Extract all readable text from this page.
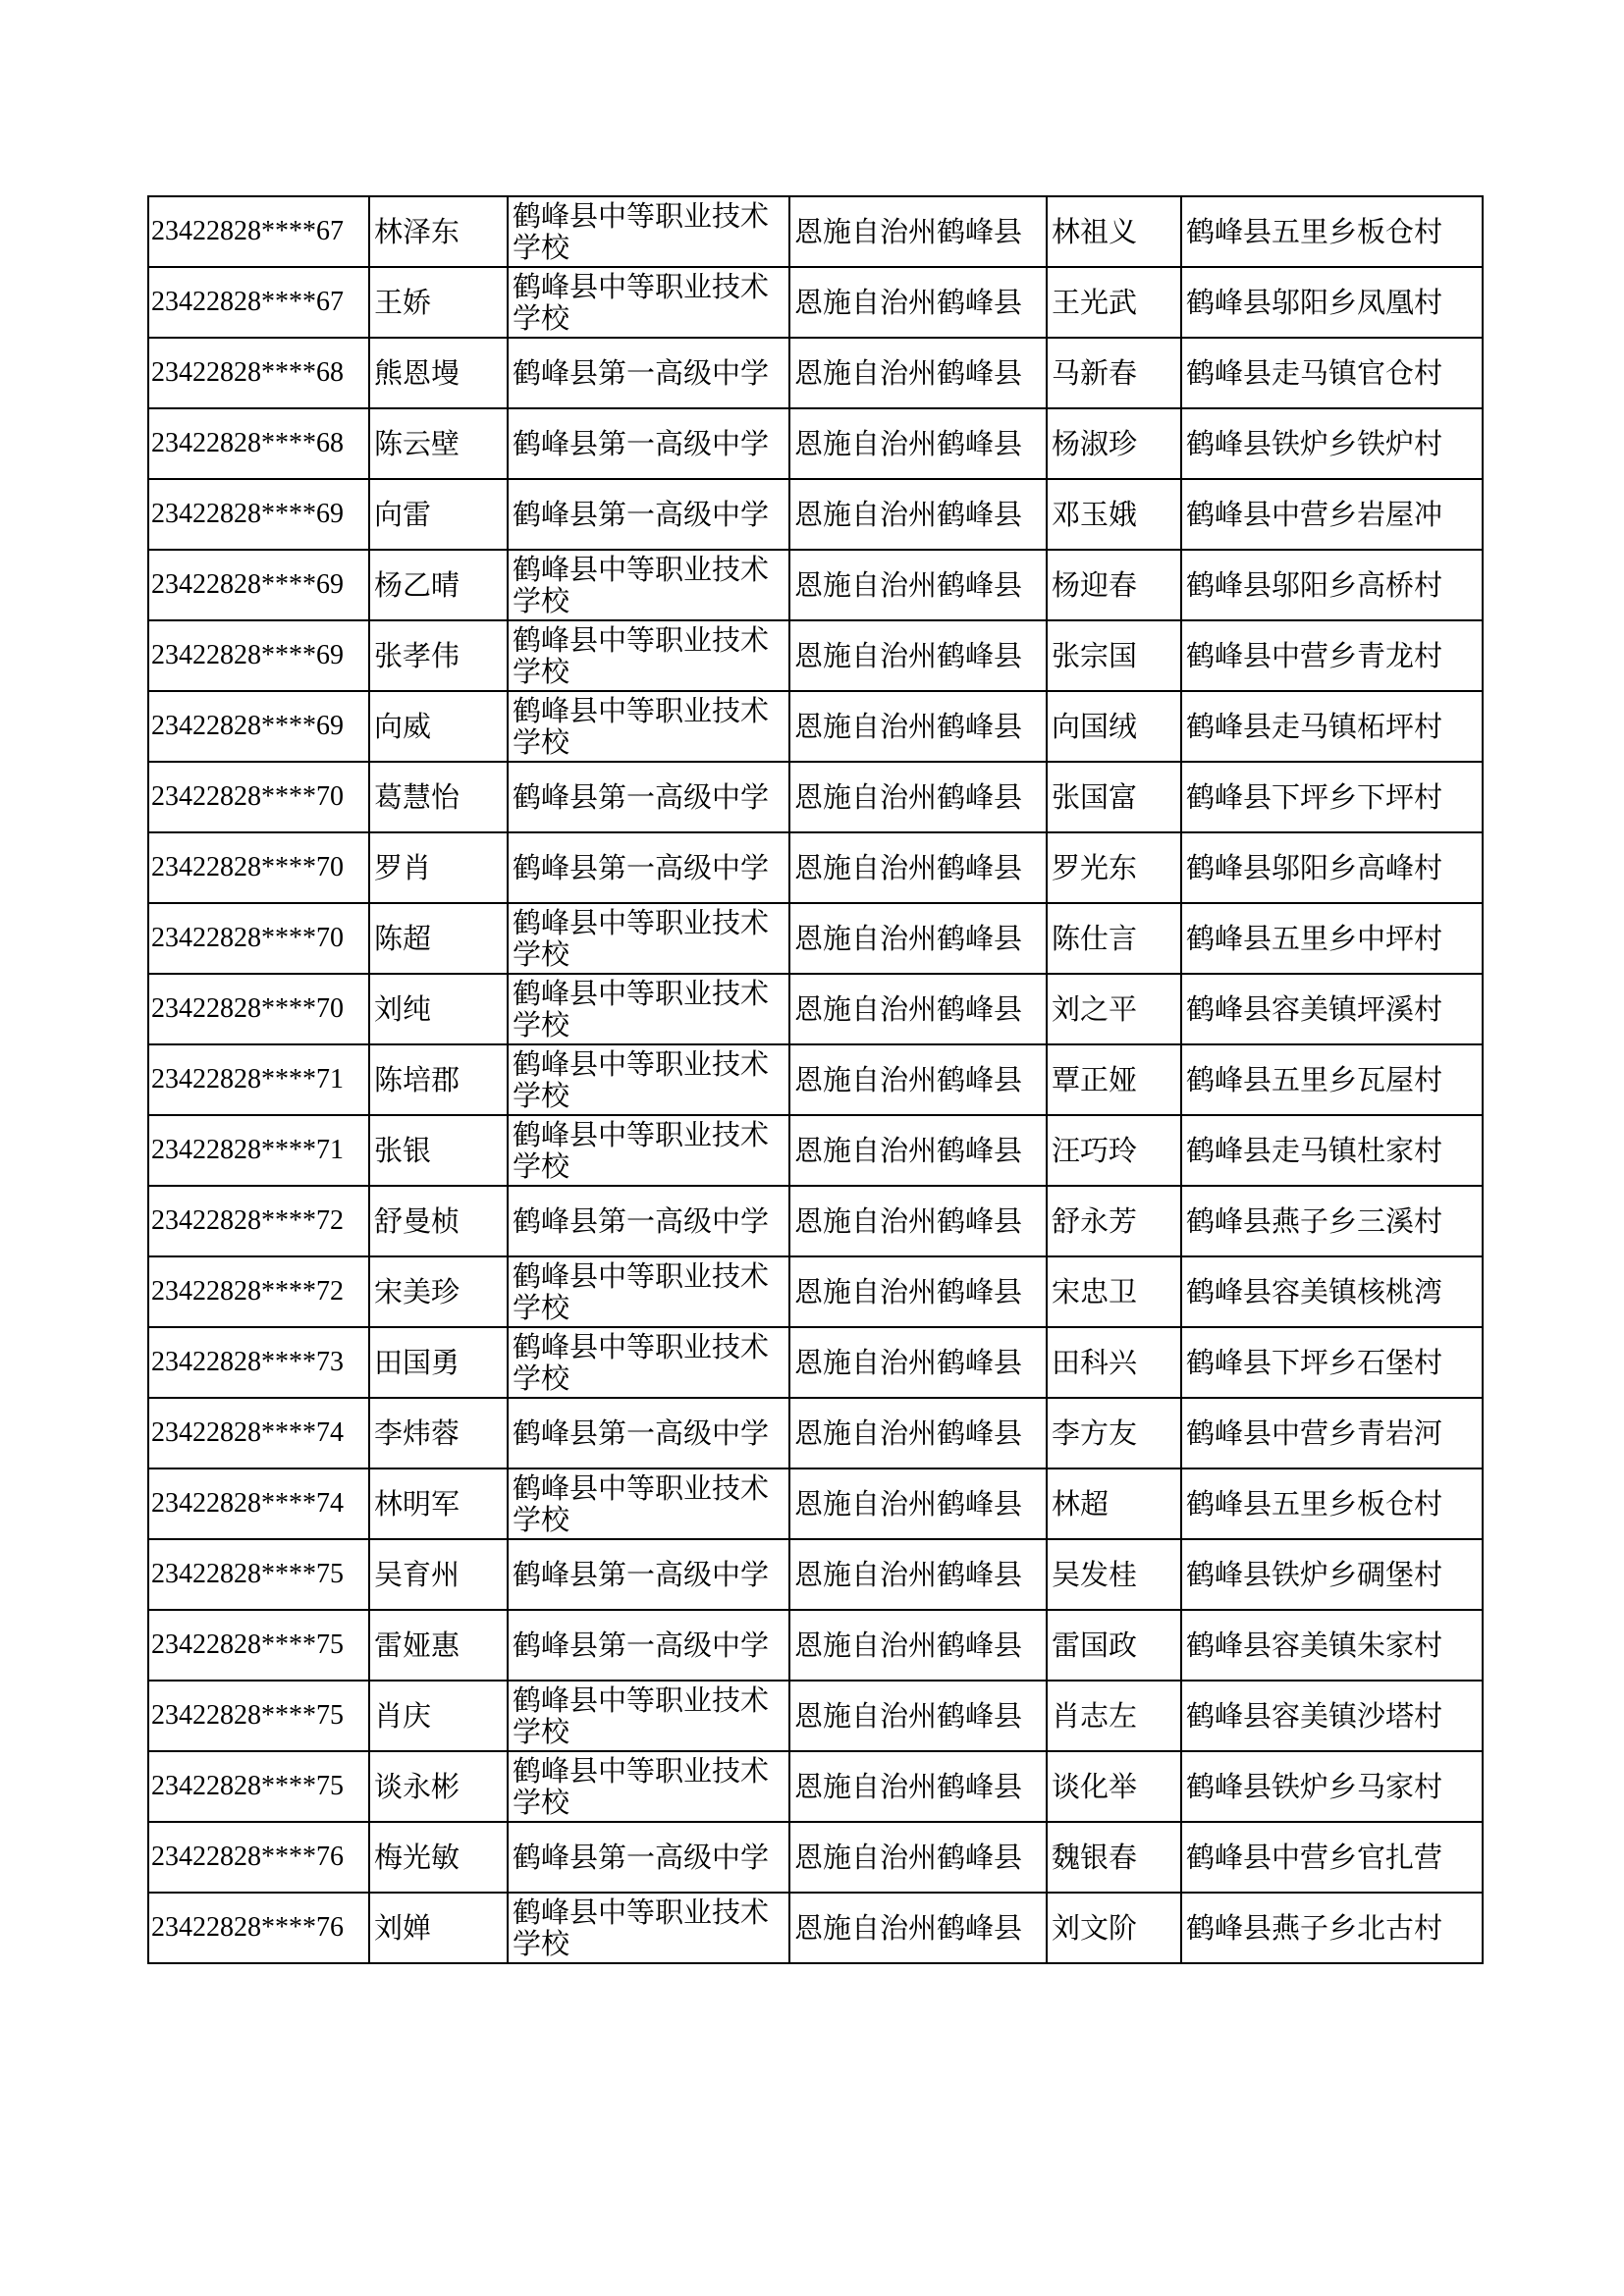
23422828****67	林泽东	鹤峰县中等职业技术学校	恩施自治州鹤峰县	林祖义	鹤峰县五里乡板仓村
23422828****67	王娇	鹤峰县中等职业技术学校	恩施自治州鹤峰县	王光武	鹤峰县邬阳乡凤凰村
23422828****68	熊恩墁	鹤峰县第一高级中学	恩施自治州鹤峰县	马新春	鹤峰县走马镇官仓村
23422828****68	陈云壁	鹤峰县第一高级中学	恩施自治州鹤峰县	杨淑珍	鹤峰县铁炉乡铁炉村
23422828****69	向雷	鹤峰县第一高级中学	恩施自治州鹤峰县	邓玉娥	鹤峰县中营乡岩屋冲
23422828****69	杨乙晴	鹤峰县中等职业技术学校	恩施自治州鹤峰县	杨迎春	鹤峰县邬阳乡高桥村
23422828****69	张孝伟	鹤峰县中等职业技术学校	恩施自治州鹤峰县	张宗国	鹤峰县中营乡青龙村
23422828****69	向威	鹤峰县中等职业技术学校	恩施自治州鹤峰县	向国绒	鹤峰县走马镇柘坪村
23422828****70	葛慧怡	鹤峰县第一高级中学	恩施自治州鹤峰县	张国富	鹤峰县下坪乡下坪村
23422828****70	罗肖	鹤峰县第一高级中学	恩施自治州鹤峰县	罗光东	鹤峰县邬阳乡高峰村
23422828****70	陈超	鹤峰县中等职业技术学校	恩施自治州鹤峰县	陈仕言	鹤峰县五里乡中坪村
23422828****70	刘纯	鹤峰县中等职业技术学校	恩施自治州鹤峰县	刘之平	鹤峰县容美镇坪溪村
23422828****71	陈培郡	鹤峰县中等职业技术学校	恩施自治州鹤峰县	覃正娅	鹤峰县五里乡瓦屋村
23422828****71	张银	鹤峰县中等职业技术学校	恩施自治州鹤峰县	汪巧玲	鹤峰县走马镇杜家村
23422828****72	舒曼桢	鹤峰县第一高级中学	恩施自治州鹤峰县	舒永芳	鹤峰县燕子乡三溪村
23422828****72	宋美珍	鹤峰县中等职业技术学校	恩施自治州鹤峰县	宋忠卫	鹤峰县容美镇核桃湾
23422828****73	田国勇	鹤峰县中等职业技术学校	恩施自治州鹤峰县	田科兴	鹤峰县下坪乡石堡村
23422828****74	李炜蓉	鹤峰县第一高级中学	恩施自治州鹤峰县	李方友	鹤峰县中营乡青岩河
23422828****74	林明军	鹤峰县中等职业技术学校	恩施自治州鹤峰县	林超	鹤峰县五里乡板仓村
23422828****75	吴育州	鹤峰县第一高级中学	恩施自治州鹤峰县	吴发桂	鹤峰县铁炉乡碉堡村
23422828****75	雷娅惠	鹤峰县第一高级中学	恩施自治州鹤峰县	雷国政	鹤峰县容美镇朱家村
23422828****75	肖庆	鹤峰县中等职业技术学校	恩施自治州鹤峰县	肖志左	鹤峰县容美镇沙塔村
23422828****75	谈永彬	鹤峰县中等职业技术学校	恩施自治州鹤峰县	谈化举	鹤峰县铁炉乡马家村
23422828****76	梅光敏	鹤峰县第一高级中学	恩施自治州鹤峰县	魏银春	鹤峰县中营乡官扎营
23422828****76	刘婵	鹤峰县中等职业技术学校	恩施自治州鹤峰县	刘文阶	鹤峰县燕子乡北古村
